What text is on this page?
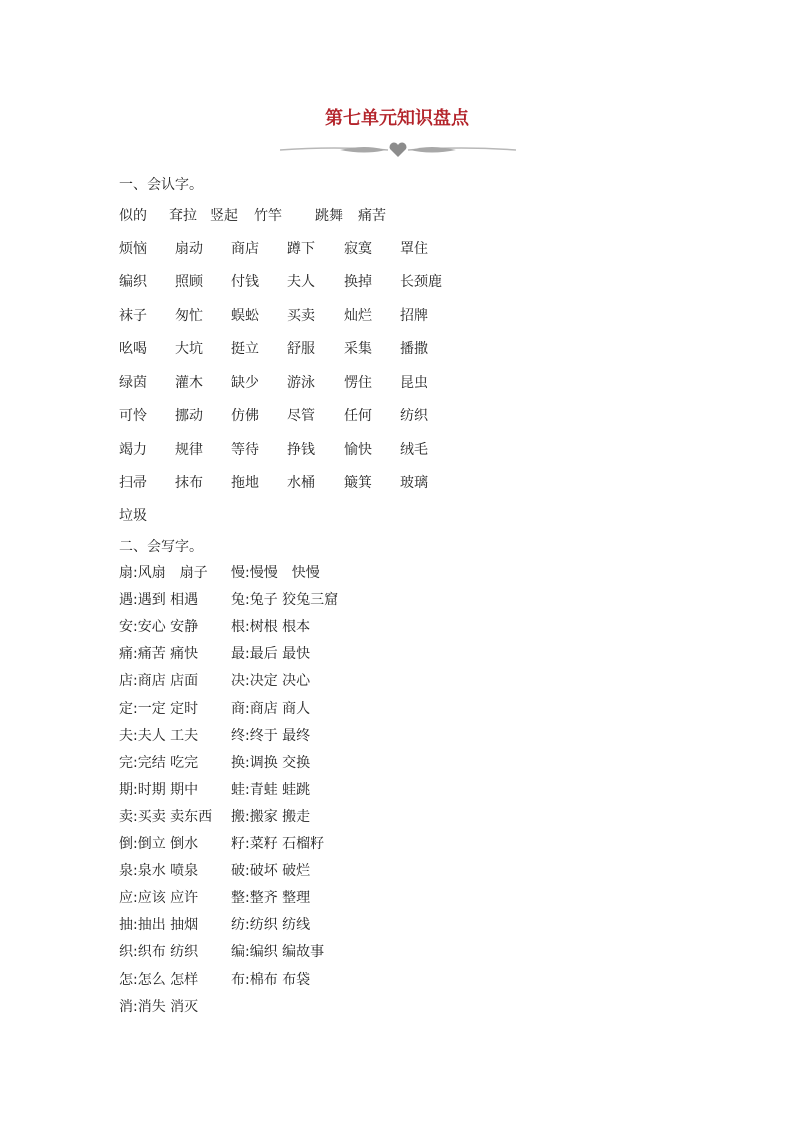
第七单元知识盘点
一、会认字。
似的 耷拉 竖起 竹竿 跳舞 痛苦
烦恼 扇动 商店 蹲下 寂寞 罩住
编织 照顾 付钱 夫人 换掉 长颈鹿
袜子 匆忙 蜈蚣 买卖 灿烂 招牌
吆喝 大坑 挺立 舒服 采集 播撒
绿茵 灌木 缺少 游泳 愣住 昆虫
可怜 挪动 仿佛 尽管 任何 纺织
竭力 规律 等待 挣钱 愉快 绒毛
扫帚 抹布 拖地 水桶 簸箕 玻璃
垃圾
二、会写字。
扇:风扇　扇子 慢:慢慢　快慢
遇:遇到 相遇 兔:兔子 狡兔三窟
安:安心 安静 根:树根 根本
痛:痛苦 痛快 最:最后 最快
店:商店 店面 决:决定 决心
定:一定 定时 商:商店 商人
夫:夫人 工夫 终:终于 最终
完:完结 吃完 换:调换 交换
期:时期 期中 蛙:青蛙 蛙跳
卖:买卖 卖东西 搬:搬家 搬走
倒:倒立 倒水 籽:菜籽 石榴籽
泉:泉水 喷泉 破:破坏 破烂
应:应该 应许 整:整齐 整理
抽:抽出 抽烟 纺:纺织 纺线
织:织布 纺织 编:编织 编故事
怎:怎么 怎样 布:棉布 布袋
消:消失 消灭
